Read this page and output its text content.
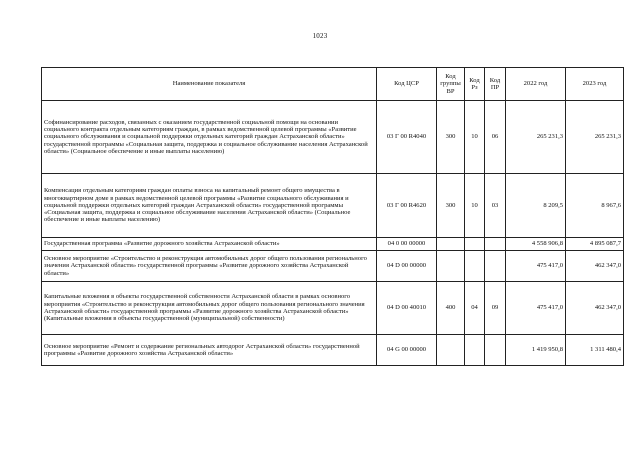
1023
Наименование показателя	Код ЦСР	Код группы ВР	Код Рз	Код ПР	2022 год	2023 год
Софинансирование расходов, связанных с оказанием государственной социальной помощи на основании социального контракта отдельным категориям граждан, в рамках ведомственной целевой программы «Развитие социального обслуживания и социальной поддержки отдельных категорий граждан Астраханской области» государственной программы «Социальная защита, поддержка и социальное обслуживание населения Астраханской области» (Социальное обеспечение и иные выплаты населению)	03 Г 00 R4040	300	10	06	265 231,3	265 231,3
Компенсация отдельным категориям граждан оплаты взноса на капитальный ремонт общего имущества в многоквартирном доме в рамках ведомственной целевой программы «Развитие социального обслуживания и социальной поддержки отдельных категорий граждан Астраханской области» государственной программы «Социальная защита, поддержка и социальное обслуживание населения Астраханской области» (Социальное обеспечение и иные выплаты населению)	03 Г 00 R4620	300	10	03	8 209,5	8 967,6
Государственная программа «Развитие дорожного хозяйства Астраханской области»	04 0 00 00000				4 558 906,8	4 895 087,7
Основное мероприятие «Строительство и реконструкция автомобильных дорог общего пользования регионального значения Астраханской области» государственной программы «Развитие дорожного хозяйства Астраханской области»	04 D 00 00000				475 417,0	462 347,0
Капитальные вложения в объекты государственной собственности Астраханской области в рамках основного мероприятия «Строительство и реконструкция автомобильных дорог общего пользования регионального значения Астраханской области» государственной программы «Развитие дорожного хозяйства Астраханской области» (Капитальные вложения в объекты государственной (муниципальной) собственности)	04 D 00 40010	400	04	09	475 417,0	462 347,0
Основное мероприятие «Ремонт и содержание региональных автодорог Астраханской области» государственной программы «Развитие дорожного хозяйства Астраханской области»	04 G 00 00000				1 419 950,8	1 311 480,4
